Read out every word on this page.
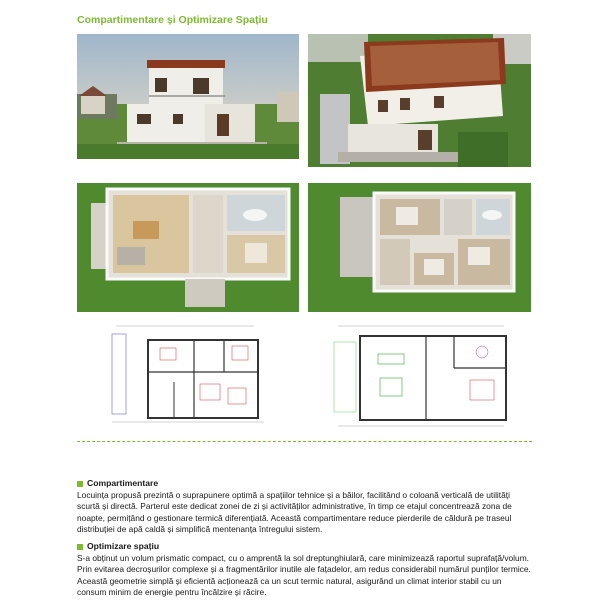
Compartimentare și Optimizare Spațiu
Compartimentare

Locuința propusă prezintă o suprapunere optimă a spațiilor tehnice și a băilor, facilitând o coloană verticală de utilități scurtă și directă. Parterul este dedicat zonei de zi și activităților administrative, în timp ce etajul concentrează zona de noapte, permițând o gestionare termică diferențiată. Această compartimentare reduce pierderile de căldură pe traseul distribuției de apă caldă și simplifică mentenanța întregului sistem.

Optimizare spațiu

S-a obținut un volum prismatic compact, cu o amprentă la sol dreptunghiulară, care minimizează raportul suprafață/volum. Prin evitarea decroșurilor complexe și a fragmentărilor inutile ale fațadelor, am redus considerabil numărul punților termice. Această geometrie simplă și eficientă acționează ca un scut termic natural, asigurând un climat interior stabil cu un consum minim de energie pentru încălzire și răcire.
